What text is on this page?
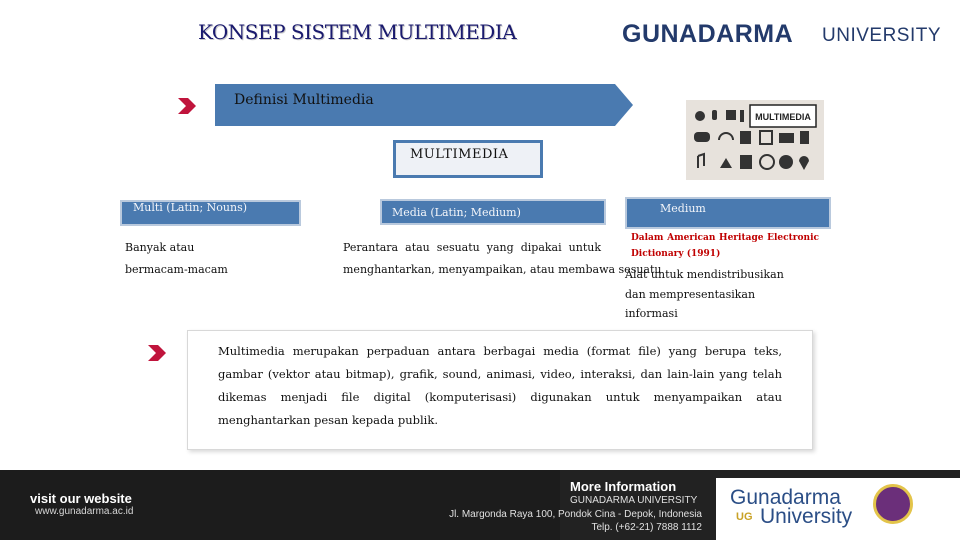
KONSEP SISTEM MULTIMEDIA	GUNADARMA UNIVERSITY
Definisi Multimedia
MULTIMEDIA
MULTIMEDIA
Multi (Latin; Nouns)
Banyak atau
bermacam-macam
Media (Latin; Medium)
Perantara atau sesuatu yang dipakai untuk
menghantarkan, menyampaikan, atau membawa sesuatu
Medium
Dalam American Heritage Electronic
Dictionary (1991)
Alat untuk mendistribusikan
dan mempresentasikan
informasi
Multimedia merupakan perpaduan antara berbagai media (format file) yang berupa teks, gambar (vektor atau bitmap), grafik, sound, animasi, video, interaksi, dan lain-lain yang telah dikemas menjadi file digital (komputerisasi) digunakan untuk menyampaikan atau menghantarkan pesan kepada publik.
visit our website
www.gunadarma.ac.id
More Information
GUNADARMA UNIVERSITY
Jl. Margonda Raya 100, Pondok Cina - Depok, Indonesia
Telp. (+62-21) 7888 1112
Gunadarma
University
UG
